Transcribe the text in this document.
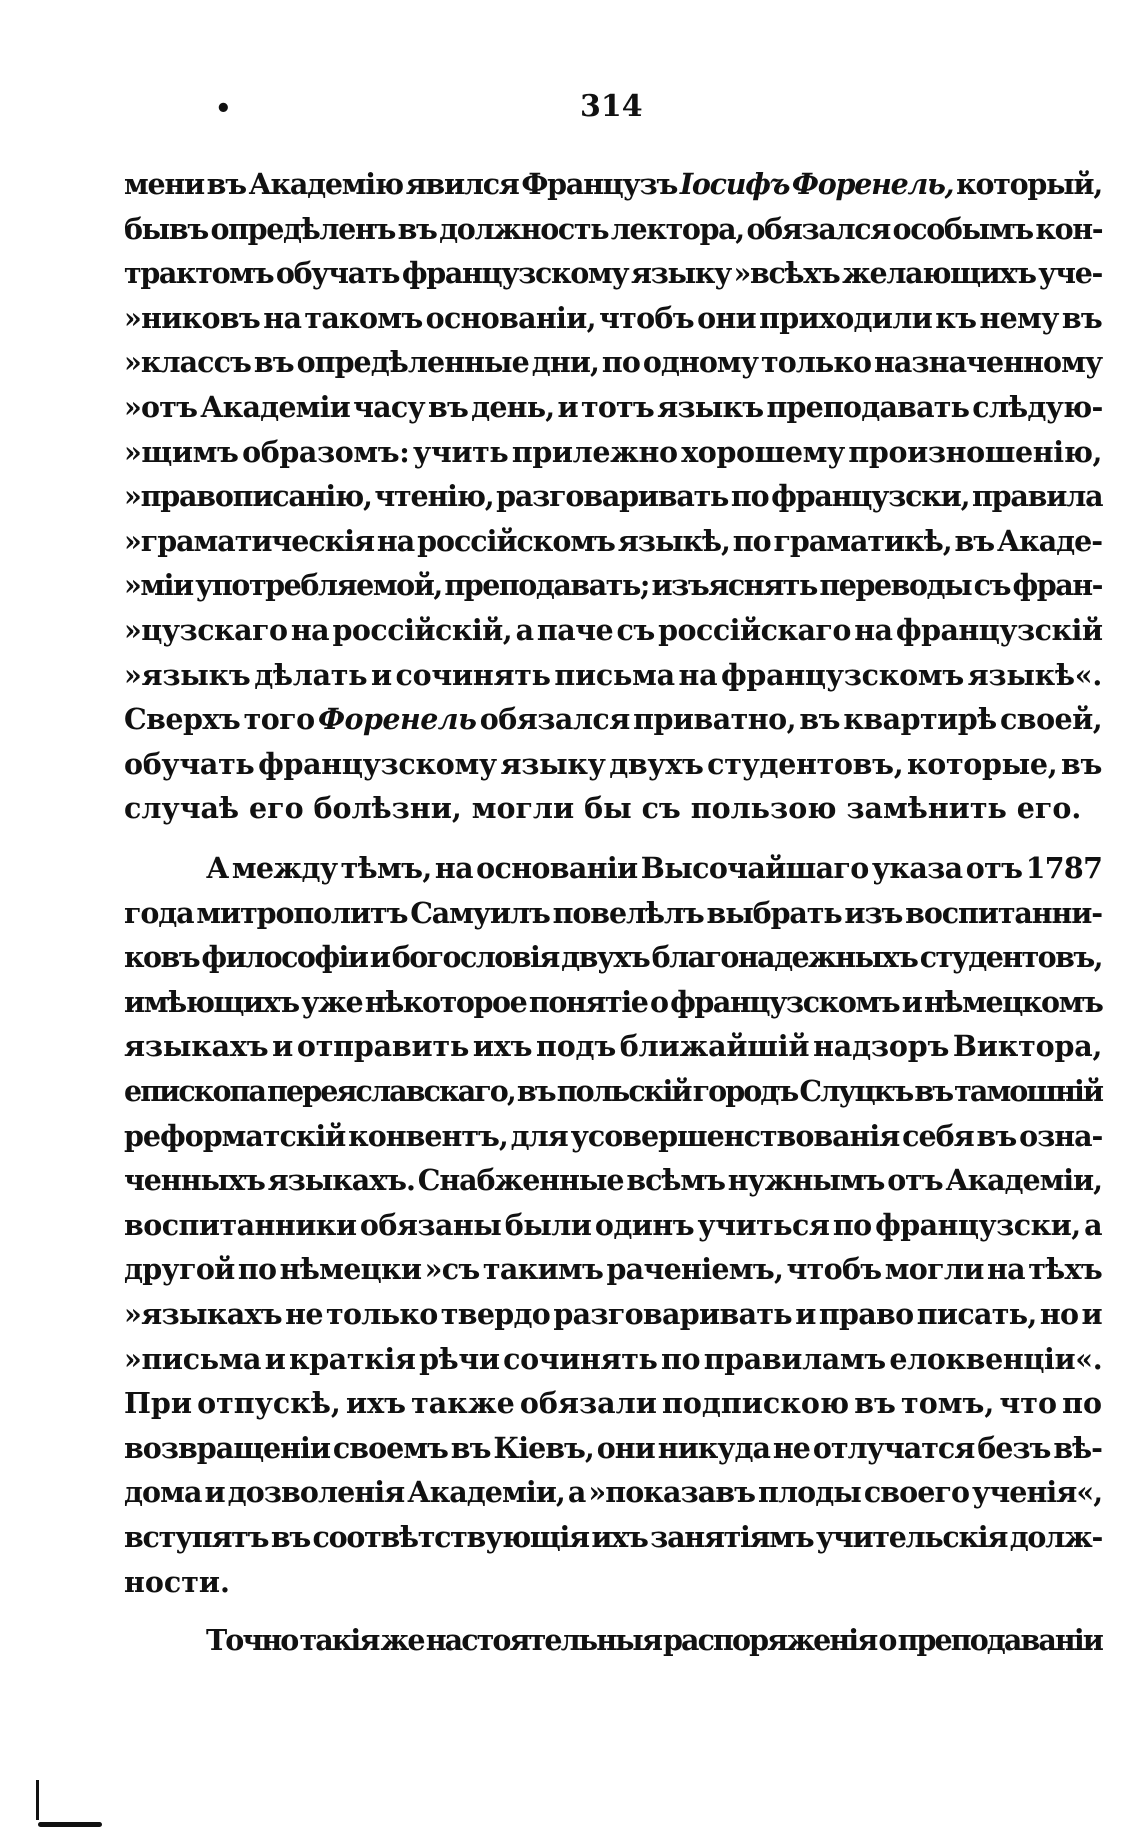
•	314
мени въ Академію явился Французъ Іосифъ Форенель, который,
бывъ опредѣленъ въ должность лектора, обязался особымъ кон-
трактомъ обучать французскому языку »всѣхъ желающихъ уче-
»никовъ на такомъ основаніи, чтобъ они приходили къ нему въ
»классъ въ опредѣленные дни, по одному только назначенному
»отъ Академіи часу въ день, и тотъ языкъ преподавать слѣдую-
»щимъ образомъ: учить прилежно хорошему произношенію,
»правописанію, чтенію, разговаривать по французски, правила
»граматическія на россійскомъ языкѣ, по граматикѣ, въ Акаде-
»міи употребляемой, преподавать; изъяснять переводы съ фран-
»цузскаго на россійскій, а паче съ россійскаго на французскій
»языкъ дѣлать и сочинять письма на французскомъ языкѣ«.
Сверхъ того Форенель обязался приватно, въ квартирѣ своей,
обучать французскому языку двухъ студентовъ, которые, въ
случаѣ его болѣзни, могли бы съ пользою замѣнить его.
А между тѣмъ, на основаніи Высочайшаго указа отъ 1787
года митрополитъ Самуилъ повелѣлъ выбрать изъ воспитанни-
ковъ философіи и богословія двухъ благонадежныхъ студентовъ,
имѣющихъ уже нѣкоторое понятіе о французскомъ и нѣмецкомъ
языкахъ и отправить ихъ подъ ближайшій надзоръ Виктора,
епископа переяславскаго, въ польскій городъ Слуцкъ въ тамошній
реформатскій конвентъ, для усовершенствованія себя въ озна-
ченныхъ языкахъ. Снабженные всѣмъ нужнымъ отъ Академіи,
воспитанники обязаны были одинъ учиться по французски, а
другой по нѣмецки »съ такимъ раченіемъ, чтобъ могли на тѣхъ
»языкахъ не только твердо разговаривать и право писать, но и
»письма и краткія рѣчи сочинять по правиламъ елоквенціи«.
При отпускѣ, ихъ также обязали подпискою въ томъ, что по
возвращеніи своемъ въ Кіевъ, они никуда не отлучатся безъ вѣ-
дома и дозволенія Академіи, а »показавъ плоды своего ученія«,
вступятъ въ соотвѣтствующія ихъ занятіямъ учительскія долж-
ности.
Точно такія же настоятельныя распоряженія о преподаваніи
